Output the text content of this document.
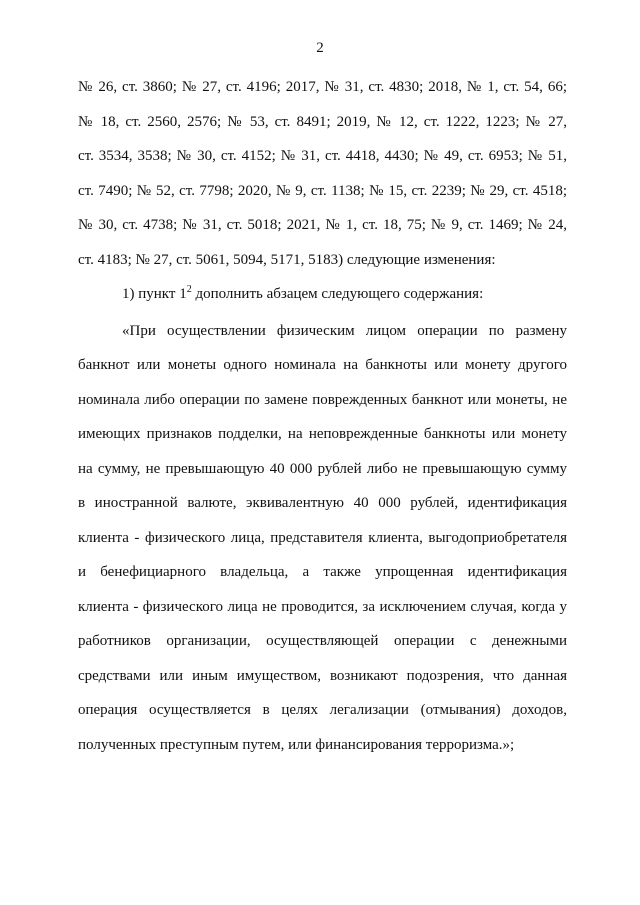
2
№ 26, ст. 3860; № 27, ст. 4196; 2017, № 31, ст. 4830; 2018, № 1, ст. 54, 66;
№ 18, ст. 2560, 2576; № 53, ст. 8491; 2019, № 12, ст. 1222, 1223; № 27,
ст. 3534, 3538; № 30, ст. 4152; № 31, ст. 4418, 4430; № 49, ст. 6953; № 51,
ст. 7490; № 52, ст. 7798; 2020, № 9, ст. 1138; № 15, ст. 2239; № 29, ст. 4518;
№ 30, ст. 4738; № 31, ст. 5018; 2021, № 1, ст. 18, 75; № 9, ст. 1469; № 24,
ст. 4183; № 27, ст. 5061, 5094, 5171, 5183) следующие изменения:
1) пункт $1^2$ дополнить абзацем следующего содержания:
«При осуществлении физическим лицом операции по размену
банкнот или монеты одного номинала на банкноты или монету другого
номинала либо операции по замене поврежденных банкнот или монеты, не
имеющих признаков подделки, на неповрежденные банкноты или монету
на сумму, не превышающую 40 000 рублей либо не превышающую сумму
в иностранной валюте, эквивалентную 40 000 рублей, идентификация
клиента - физического лица, представителя клиента, выгодоприобретателя
и бенефициарного владельца, а также упрощенная идентификация
клиента - физического лица не проводится, за исключением случая, когда у
работников организации, осуществляющей операции с денежными
средствами или иным имуществом, возникают подозрения, что данная
операция осуществляется в целях легализации (отмывания) доходов,
полученных преступным путем, или финансирования терроризма.»;
